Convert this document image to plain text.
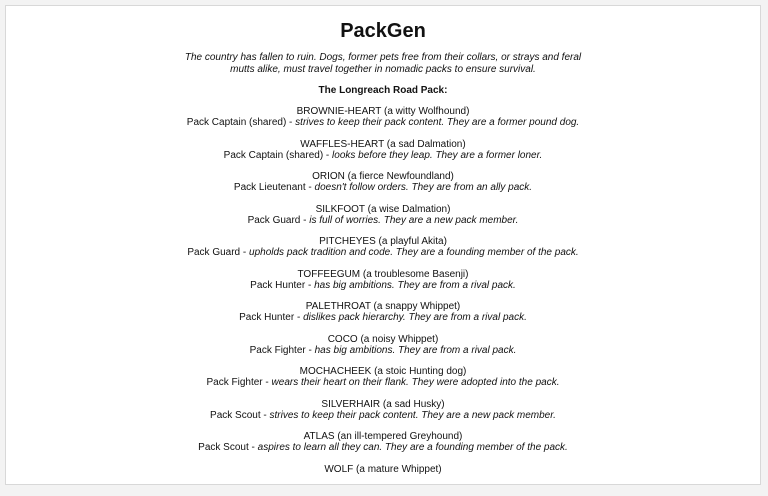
PackGen

The country has fallen to ruin. Dogs, former pets free from their collars, or strays and feral mutts alike, must travel together in nomadic packs to ensure survival.

The Longreach Road Pack:
BROWNIE-HEART (a witty Wolfhound)
Pack Captain (shared) - strives to keep their pack content. They are a former pound dog.
WAFFLES-HEART (a sad Dalmation)
Pack Captain (shared) - looks before they leap. They are a former loner.
ORION (a fierce Newfoundland)
Pack Lieutenant - doesn't follow orders. They are from an ally pack.
SILKFOOT (a wise Dalmation)
Pack Guard - is full of worries. They are a new pack member.
PITCHEYES (a playful Akita)
Pack Guard - upholds pack tradition and code. They are a founding member of the pack.
TOFFEEGUM (a troublesome Basenji)
Pack Hunter - has big ambitions. They are from a rival pack.
PALETHROAT (a snappy Whippet)
Pack Hunter - dislikes pack hierarchy. They are from a rival pack.
COCO (a noisy Whippet)
Pack Fighter - has big ambitions. They are from a rival pack.
MOCHACHEEK (a stoic Hunting dog)
Pack Fighter - wears their heart on their flank. They were adopted into the pack.
SILVERHAIR (a sad Husky)
Pack Scout - strives to keep their pack content. They are a new pack member.
ATLAS (an ill-tempered Greyhound)
Pack Scout - aspires to learn all they can. They are a founding member of the pack.
WOLF (a mature Whippet)
